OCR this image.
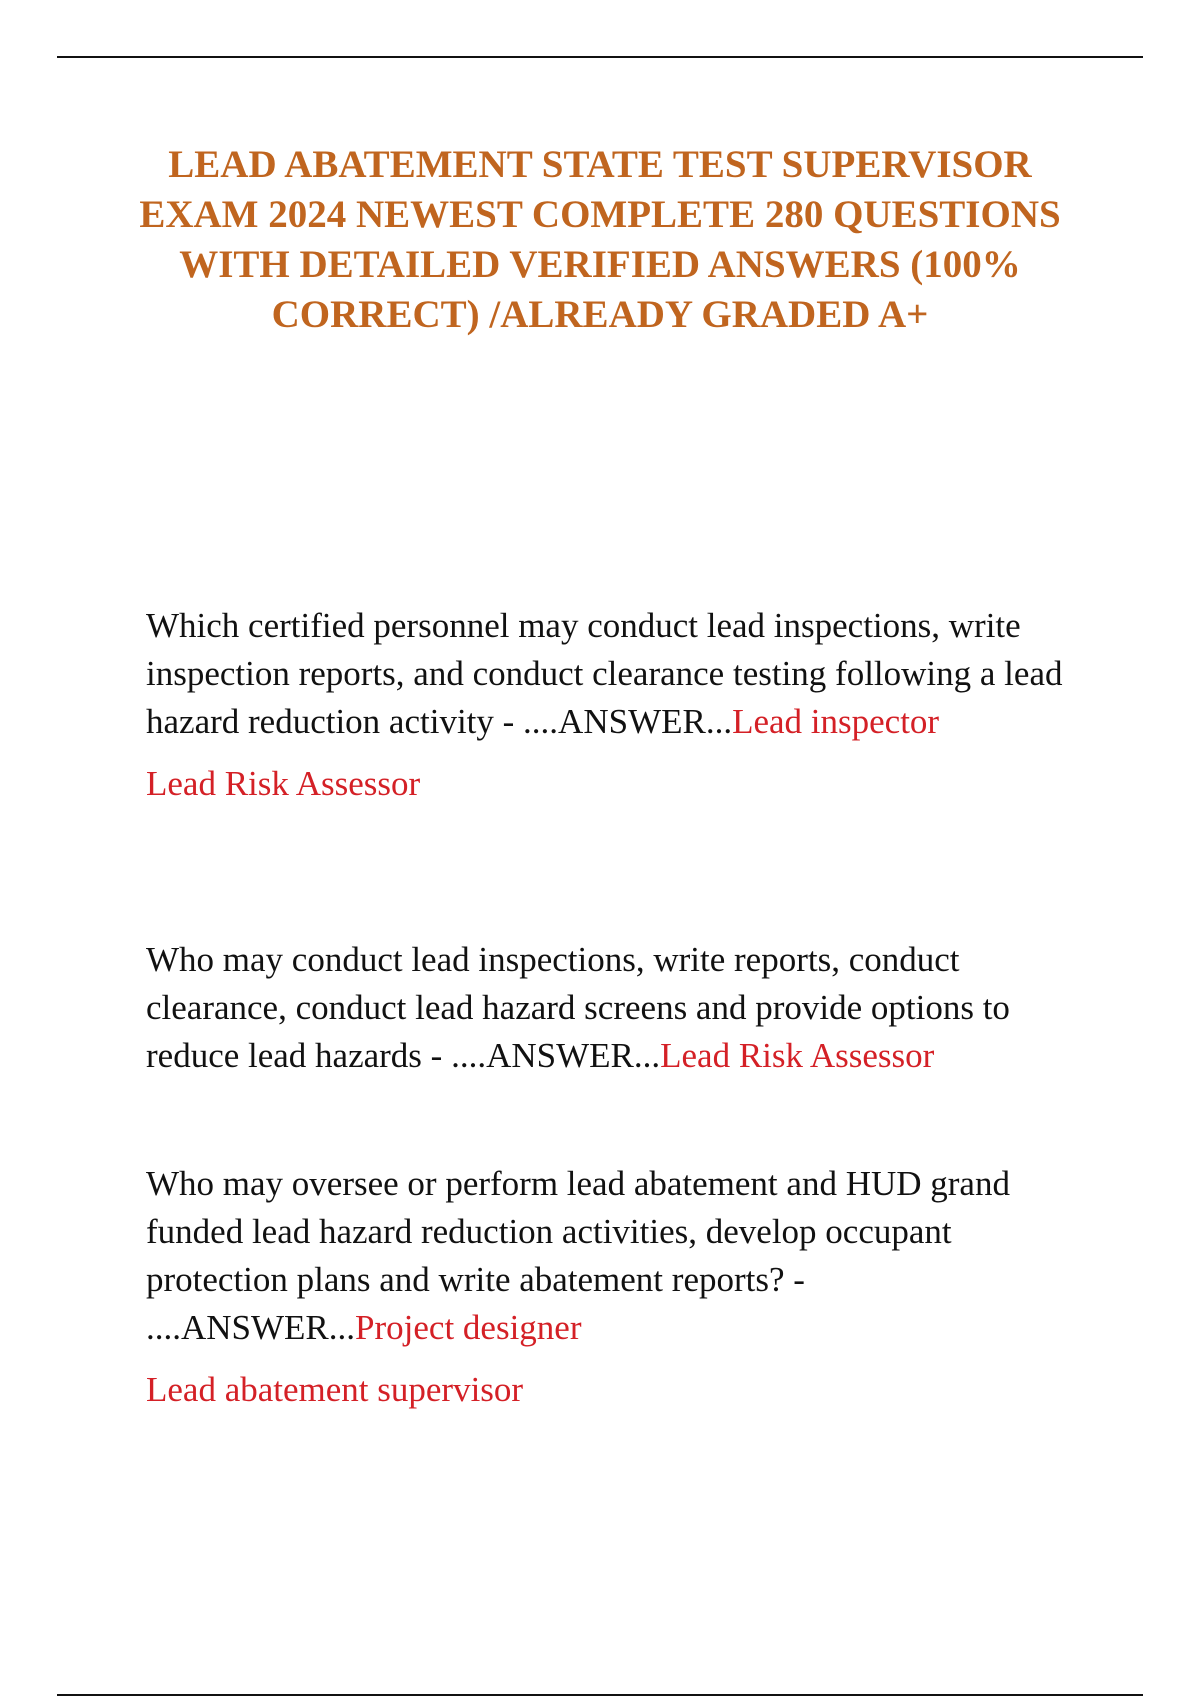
LEAD ABATEMENT STATE TEST SUPERVISOR EXAM 2024 NEWEST COMPLETE 280 QUESTIONS WITH DETAILED VERIFIED ANSWERS (100% CORRECT) /ALREADY GRADED A+

Which certified personnel may conduct lead inspections, write inspection reports, and conduct clearance testing following a lead hazard reduction activity - ....ANSWER...Lead inspector

Lead Risk Assessor

Who may conduct lead inspections, write reports, conduct clearance, conduct lead hazard screens and provide options to reduce lead hazards - ....ANSWER...Lead Risk Assessor

Who may oversee or perform lead abatement and HUD grand funded lead hazard reduction activities, develop occupant protection plans and write abatement reports? - ....ANSWER...Project designer

Lead abatement supervisor
